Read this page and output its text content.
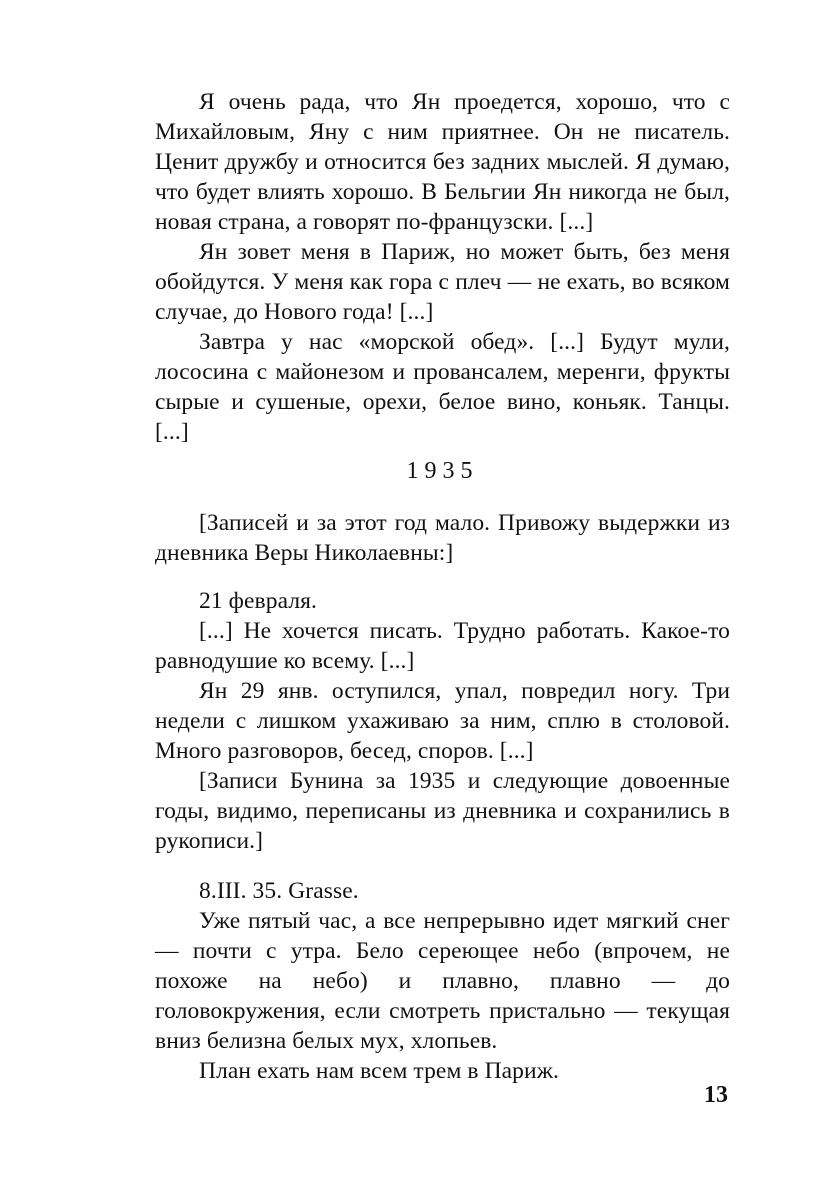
Я очень рада, что Ян проедется, хорошо, что с Михайловым, Яну с ним приятнее. Он не писатель. Ценит дружбу и относится без задних мыслей. Я думаю, что будет влиять хорошо. В Бельгии Ян никогда не был, новая страна, а говорят по-французски. [...]

Ян зовет меня в Париж, но может быть, без меня обойдутся. У меня как гора с плеч — не ехать, во всяком случае, до Нового года! [...]

Завтра у нас «морской обед». [...] Будут мули, лососина с майонезом и провансалем, меренги, фрукты сырые и сушеные, орехи, белое вино, коньяк. Танцы. [...]

1935

[Записей и за этот год мало. Привожу выдержки из дневника Веры Николаевны:]

21 февраля.

[...] Не хочется писать. Трудно работать. Какое-то равнодушие ко всему. [...]

Ян 29 янв. оступился, упал, повредил ногу. Три недели с лишком ухаживаю за ним, сплю в столовой. Много разговоров, бесед, споров. [...]

[Записи Бунина за 1935 и следующие довоенные годы, видимо, переписаны из дневника и сохранились в рукописи.]

8.III. 35. Grasse.

Уже пятый час, а все непрерывно идет мягкий снег — почти с утра. Бело сереющее небо (впрочем, не похоже на небо) и плавно, плавно — до головокружения, если смотреть пристально — текущая вниз белизна белых мух, хлопьев.

План ехать нам всем трем в Париж.

13
